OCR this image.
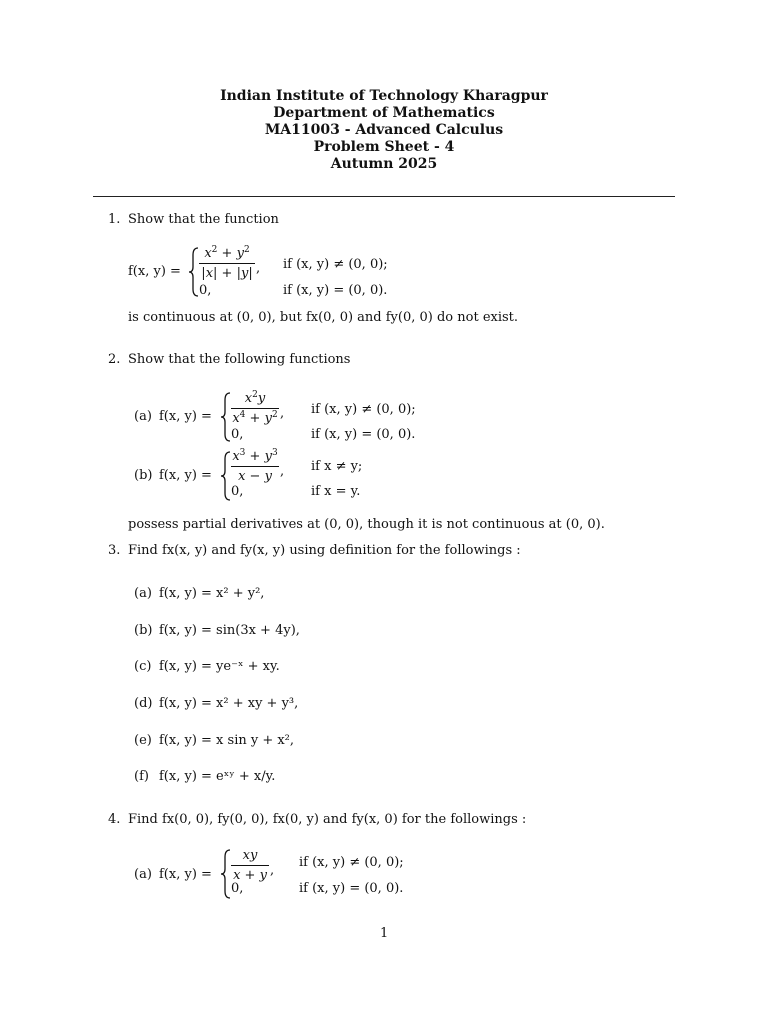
Indian Institute of Technology Kharagpur
Department of Mathematics
MA11003 - Advanced Calculus
Problem Sheet - 4
Autumn 2025
1. Show that the function
f(x, y) =
$x^2 + y^2$
|x| + |y| , if (x, y) ≠ (0, 0);
0,	if (x, y) = (0, 0).
is continuous at (0, 0), but fx(0, 0) and fy(0, 0) do not exist.
2. Show that the following functions
(a) f(x, y) =
$x^2y$
$x^4 + y^2$ , if (x, y) ≠ (0, 0);
0,	if (x, y) = (0, 0).
(b) f(x, y) =
$x^3 + y^3$
x − y , if x ≠ y;
0,	if x = y.
possess partial derivatives at (0, 0), though it is not continuous at (0, 0).
3. Find fx(x, y) and fy(x, y) using definition for the followings :
(a) f(x, y) = x² + y²,
(b) f(x, y) = sin(3x + 4y),
(c) f(x, y) = ye⁻ˣ + xy.
(d) f(x, y) = x² + xy + y³,
(e) f(x, y) = x sin y + x²,
(f) f(x, y) = eˣʸ + x/y.
4. Find fx(0, 0), fy(0, 0), fx(0, y) and fy(x, 0) for the followings :
(a) f(x, y) =
xy
x + y ,
if (x, y) ≠ (0, 0);
0,	if (x, y) = (0, 0).
1
